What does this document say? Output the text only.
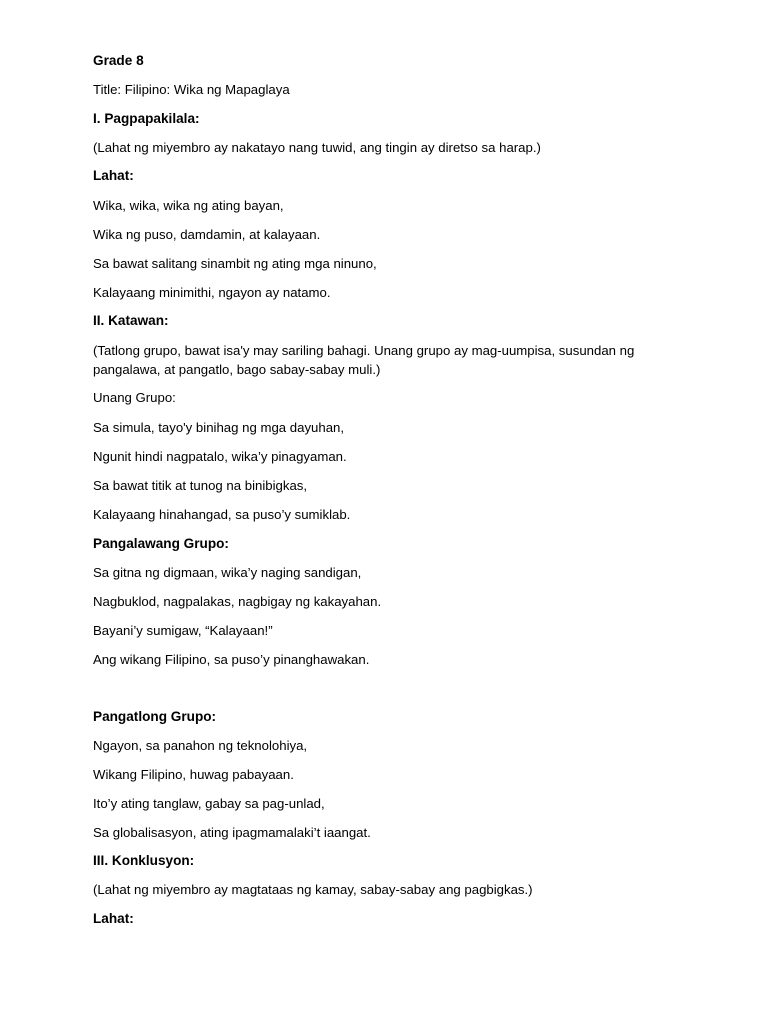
Grade 8
Title: Filipino: Wika ng Mapaglaya
I. Pagpapakilala:
(Lahat ng miyembro ay nakatayo nang tuwid, ang tingin ay diretso sa harap.)
Lahat:
Wika, wika, wika ng ating bayan,
Wika ng puso, damdamin, at kalayaan.
Sa bawat salitang sinambit ng ating mga ninuno,
Kalayaang minimithi, ngayon ay natamo.
II. Katawan:
(Tatlong grupo, bawat isa'y may sariling bahagi. Unang grupo ay mag-uumpisa, susundan ng
pangalawa, at pangatlo, bago sabay-sabay muli.)
Unang Grupo:
Sa simula, tayo'y binihag ng mga dayuhan,
Ngunit hindi nagpatalo, wika’y pinagyaman.
Sa bawat titik at tunog na binibigkas,
Kalayaang hinahangad, sa puso’y sumiklab.
Pangalawang Grupo:
Sa gitna ng digmaan, wika’y naging sandigan,
Nagbuklod, nagpalakas, nagbigay ng kakayahan.
Bayani’y sumigaw, “Kalayaan!”
Ang wikang Filipino, sa puso’y pinanghawakan.
Pangatlong Grupo:
Ngayon, sa panahon ng teknolohiya,
Wikang Filipino, huwag pabayaan.
Ito’y ating tanglaw, gabay sa pag-unlad,
Sa globalisasyon, ating ipagmamalaki’t iaangat.
III. Konklusyon:
(Lahat ng miyembro ay magtataas ng kamay, sabay-sabay ang pagbigkas.)
Lahat:
